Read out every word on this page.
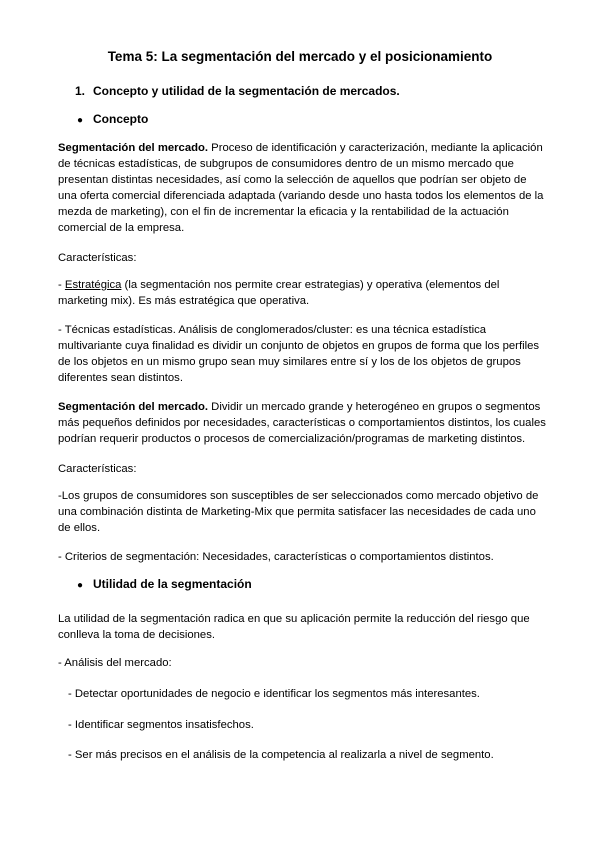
Tema 5: La segmentación del mercado y el posicionamiento
1. Concepto y utilidad de la segmentación de mercados.
● Concepto
Segmentación del mercado. Proceso de identificación y caracterización, mediante la aplicación de técnicas estadísticas, de subgrupos de consumidores dentro de un mismo mercado que presentan distintas necesidades, así como la selección de aquellos que podrían ser objeto de una oferta comercial diferenciada adaptada (variando desde uno hasta todos los elementos de la mezda de marketing), con el fin de incrementar la eficacia y la rentabilidad de la actuación comercial de la empresa.
Características:
- Estratégica (la segmentación nos permite crear estrategias) y operativa (elementos del marketing mix). Es más estratégica que operativa.
- Técnicas estadísticas. Análisis de conglomerados/cluster: es una técnica estadística multivariante cuya finalidad es dividir un conjunto de objetos en grupos de forma que los perfiles de los objetos en un mismo grupo sean muy similares entre sí y los de los objetos de grupos diferentes sean distintos.
Segmentación del mercado. Dividir un mercado grande y heterogéneo en grupos o segmentos más pequeños definidos por necesidades, características o comportamientos distintos, los cuales podrían requerir productos o procesos de comercialización/programas de marketing distintos.
Características:
-Los grupos de consumidores son susceptibles de ser seleccionados como mercado objetivo de una combinación distinta de Marketing-Mix que permita satisfacer las necesidades de cada uno de ellos.
- Criterios de segmentación: Necesidades, características o comportamientos distintos.
● Utilidad de la segmentación
La utilidad de la segmentación radica en que su aplicación permite la reducción del riesgo que conlleva la toma de decisiones.
- Análisis del mercado:
- Detectar oportunidades de negocio e identificar los segmentos más interesantes.
- Identificar segmentos insatisfechos.
- Ser más precisos en el análisis de la competencia al realizarla a nivel de segmento.
